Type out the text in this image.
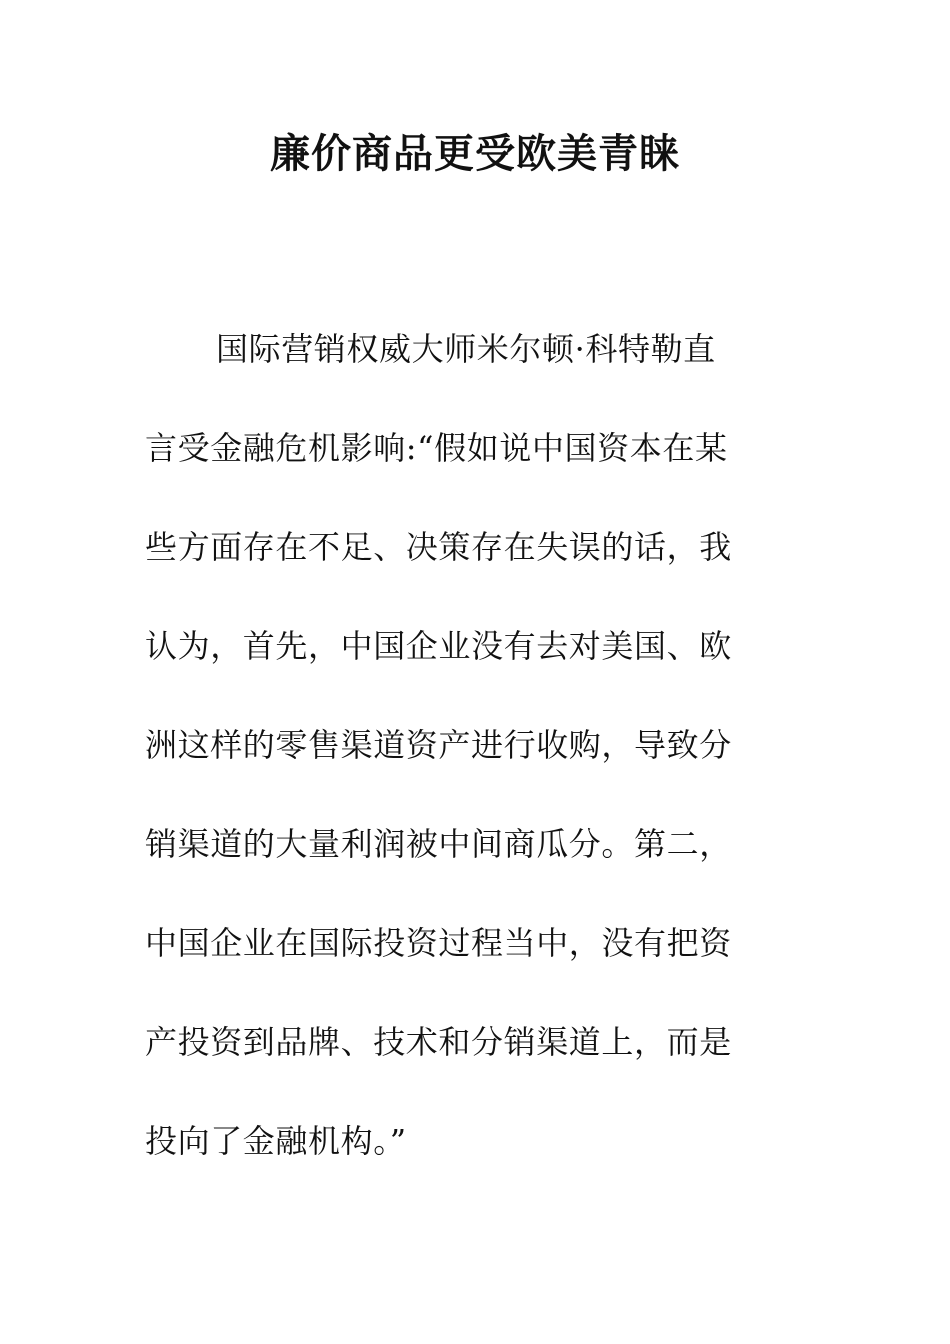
廉价商品更受欧美青睐
国际营销权威大师米尔顿·科特勒直
言受金融危机影响:“假如说中国资本在某
些方面存在不足、决策存在失误的话，我
认为，首先，中国企业没有去对美国、欧
洲这样的零售渠道资产进行收购，导致分
销渠道的大量利润被中间商瓜分。第二，
中国企业在国际投资过程当中，没有把资
产投资到品牌、技术和分销渠道上，而是
投向了金融机构。”
